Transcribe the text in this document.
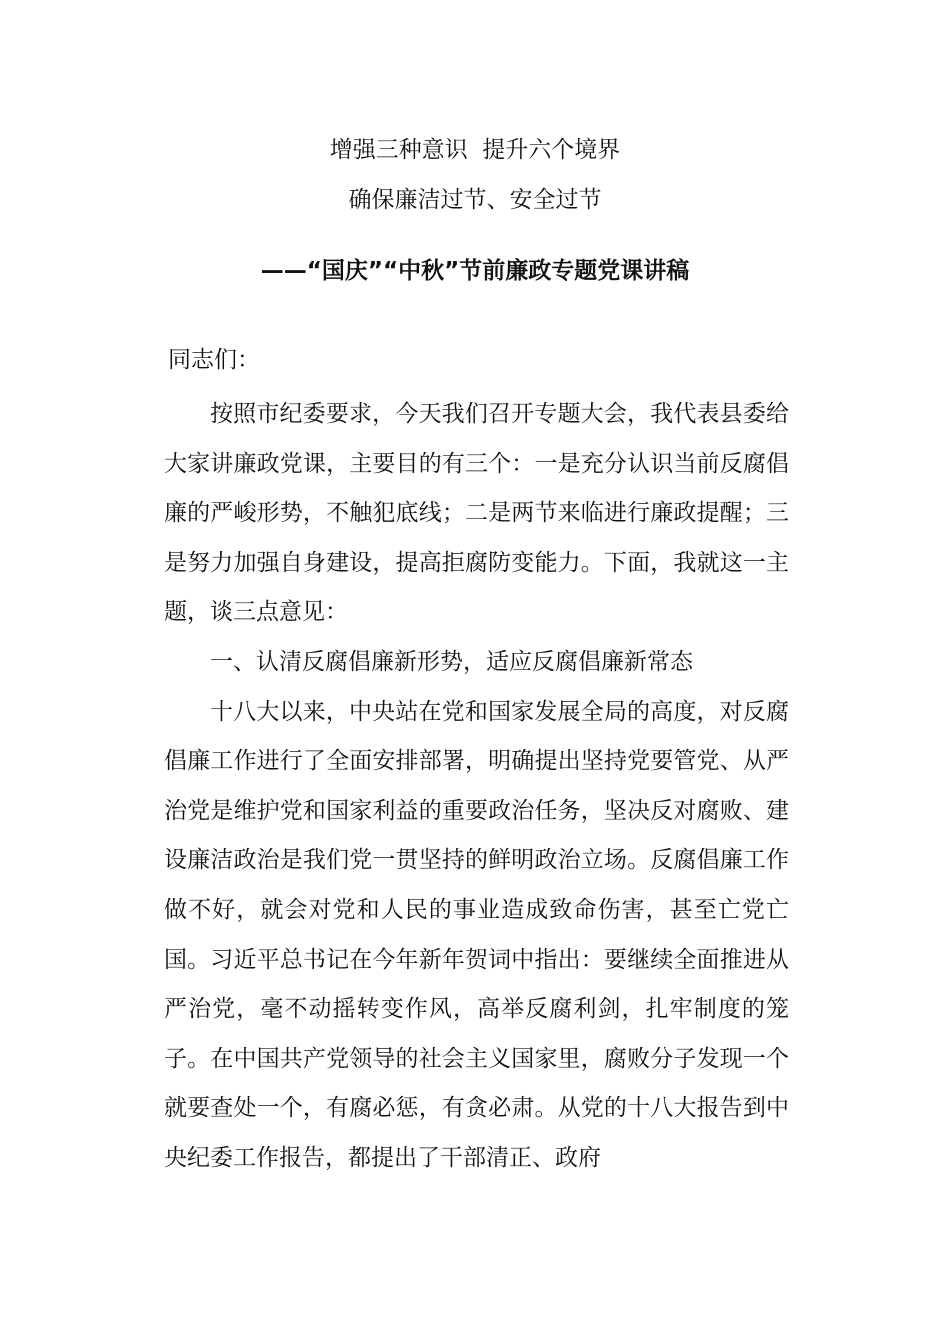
增强三种意识  提升六个境界
确保廉洁过节、安全过节
——“国庆”“中秋”节前廉政专题党课讲稿

同志们：

按照市纪委要求，今天我们召开专题大会，我代表县委给大家讲廉政党课，主要目的有三个：一是充分认识当前反腐倡廉的严峻形势，不触犯底线；二是两节来临进行廉政提醒；三是努力加强自身建设，提高拒腐防变能力。下面，我就这一主题，谈三点意见：

一、认清反腐倡廉新形势，适应反腐倡廉新常态

十八大以来，中央站在党和国家发展全局的高度，对反腐倡廉工作进行了全面安排部署，明确提出坚持党要管党、从严治党是维护党和国家利益的重要政治任务，坚决反对腐败、建设廉洁政治是我们党一贯坚持的鲜明政治立场。反腐倡廉工作做不好，就会对党和人民的事业造成致命伤害，甚至亡党亡国。习近平总书记在今年新年贺词中指出：要继续全面推进从严治党，毫不动摇转变作风，高举反腐利剑，扎牢制度的笼子。在中国共产党领导的社会主义国家里，腐败分子发现一个就要查处一个，有腐必惩，有贪必肃。从党的十八大报告到中央纪委工作报告，都提出了干部清正、政府
